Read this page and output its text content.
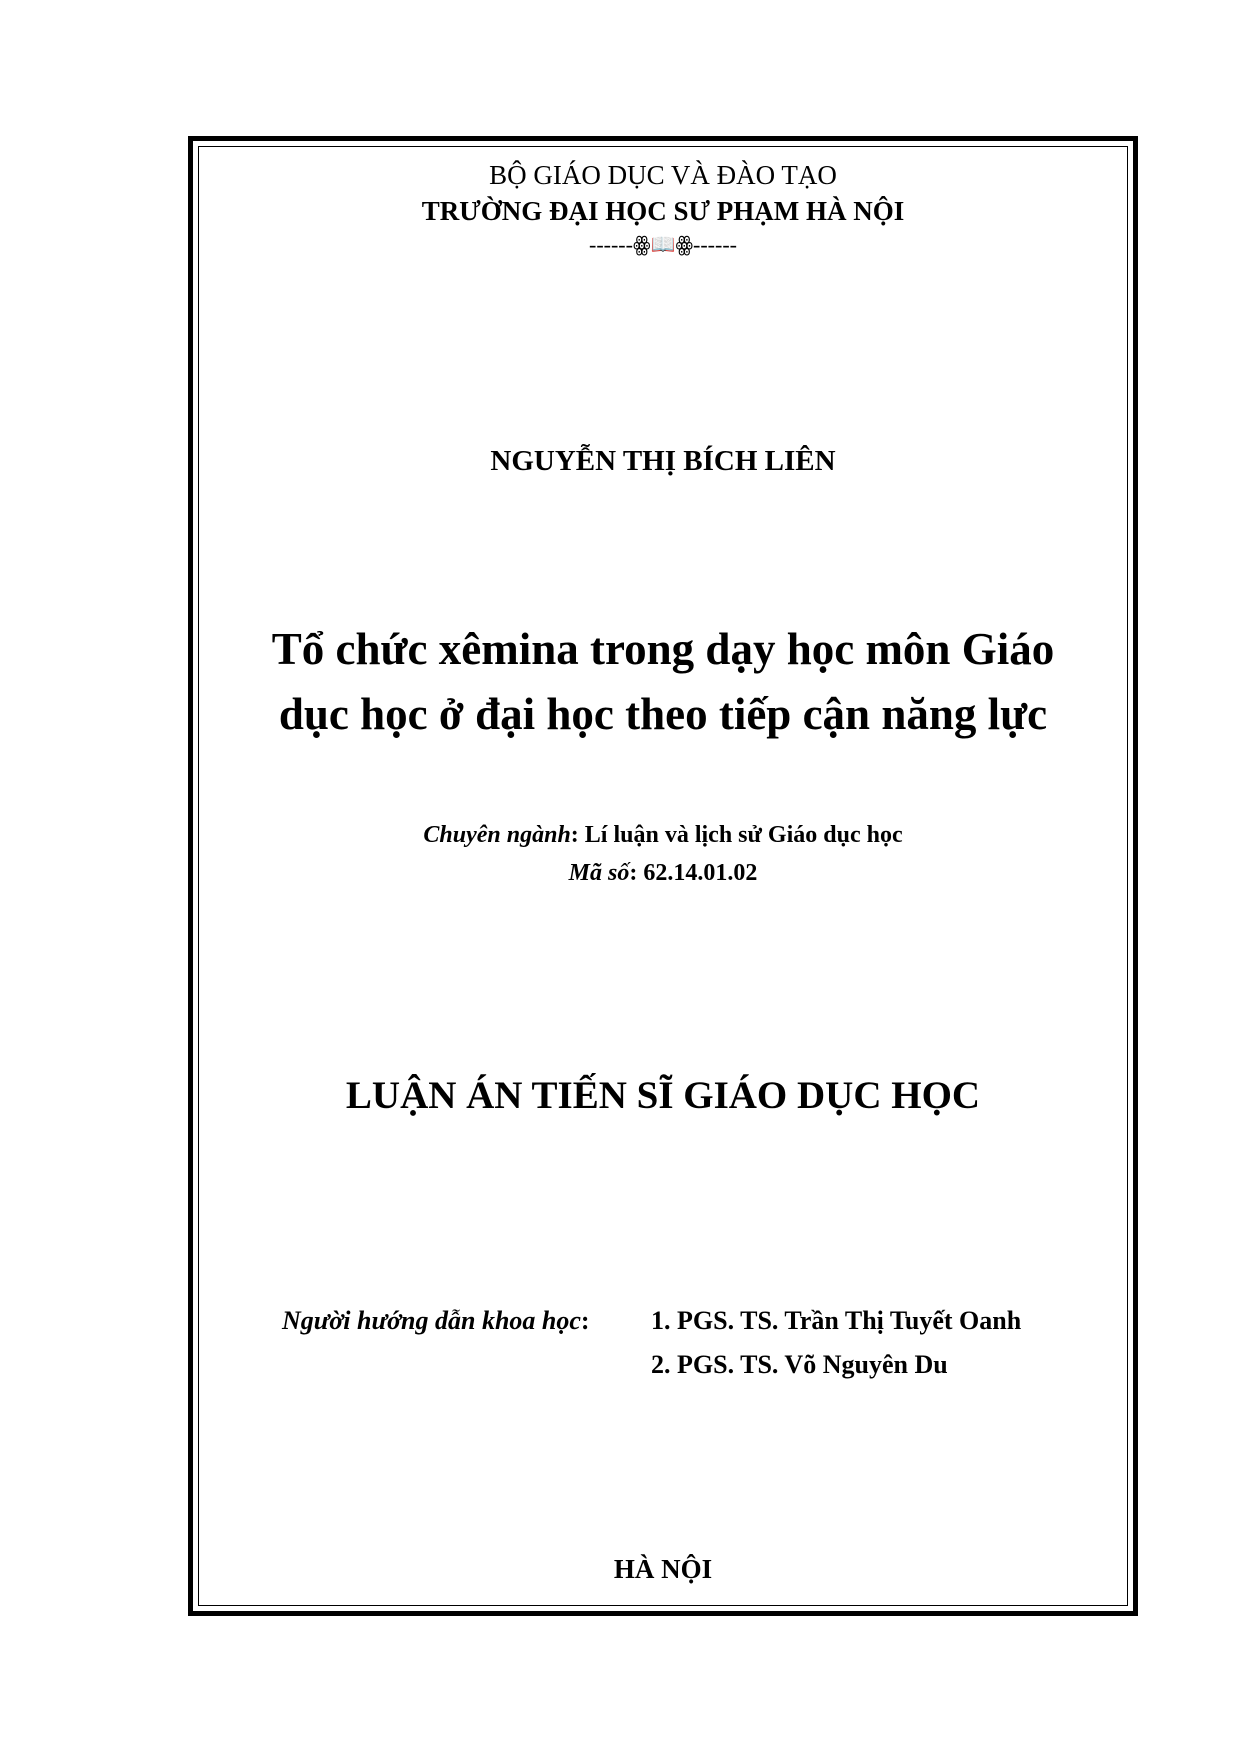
BỘ GIÁO DỤC VÀ ĐÀO TẠO
TRƯỜNG ĐẠI HỌC SƯ PHẠM HÀ NỘI
------ꙮ📖ꙮ------
NGUYỄN THỊ BÍCH LIÊN
Tổ chức xêmina trong dạy học môn Giáo
dục học ở đại học theo tiếp cận năng lực
Chuyên ngành: Lí luận và lịch sử Giáo dục học
Mã số: 62.14.01.02
LUẬN ÁN TIẾN SĨ GIÁO DỤC HỌC
Người hướng dẫn khoa học: 1. PGS. TS. Trần Thị Tuyết Oanh
2. PGS. TS. Võ Nguyên Du
HÀ NỘI
